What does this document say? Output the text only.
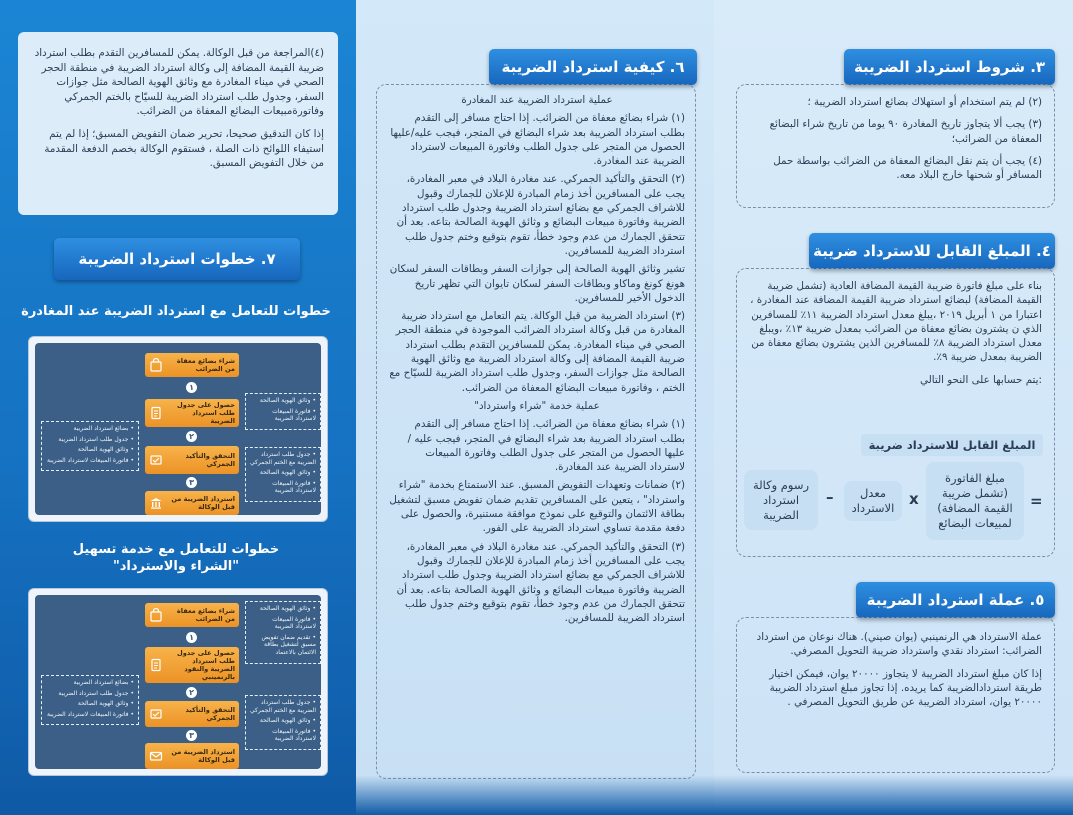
(٤)المراجعة من قبل الوكالة. يمكن للمسافرين التقدم بطلب استرداد ضريبة القيمة المضافة إلى وكالة استرداد الضريبة في منطقة الحجر الصحي في ميناء المغادرة مع وثائق الهوية الصالحة مثل جوازات السفر، وجدول طلب استرداد الضريبة للسيّاح بالختم الجمركي وفاتورةمبيعات البضائع المعفاة من الضرائب.

إذا كان التدقيق صحيحا، تحرير ضمان التفويض المسبق؛ إذا لم يتم استيفاء اللوائح ذات الصلة ، فستقوم الوكالة بخصم الدفعة المقدمة من خلال التفويض المسبق.

٧. خطوات استرداد الضريبة
خطوات للتعامل مع استرداد الضريبة عند المغادرة
شراء بضائع معفاة من الضرائب
١
حصول على جدول طلب استرداد الضريبة
٢
التحقق والتأكيد الجمركي
٣
استرداد الضريبة من قبل الوكالة
• وثائق الهوية الصالحة
• فاتورة المبيعات لاسترداد الضريبة
• بضائع استرداد الضريبة
• جدول طلب استرداد الضريبة
• وثائق الهوية الصالحة
• فاتورة المبيعات لاسترداد الضريبة
• جدول طلب استرداد الضريبة مع الختم الجمركي
• وثائق الهوية الصالحة
• فاتورة المبيعات لاسترداد الضريبة
خطوات للتعامل مع خدمة تسهيل
"الشراء والاسترداد"
شراء بضائع معفاة من الضرائب
١
حصول على جدول طلب استرداد الضريبة والنقود بالرنمينبي
٢
التحقق والتأكيد الجمركي
٣
استرداد الضريبة من قبل الوكالة
• وثائق الهوية الصالحة
• فاتورة المبيعات لاسترداد الضريبة
• تقديم ضمان تفويض مسبق لتشغيل بطاقة الائتمان بالاعتماد
• بضائع استرداد الضريبة
• جدول طلب استرداد الضريبة
• وثائق الهوية الصالحة
• فاتورة المبيعات لاسترداد الضريبة
• جدول طلب استرداد الضريبة مع الختم الجمركي
• وثائق الهوية الصالحة
• فاتورة المبيعات لاسترداد الضريبة
٦. كيفية استرداد الضريبة

عملية استرداد الضريبة عند المغادرة

(١) شراء بضائع معفاة من الضرائب. إذا احتاج مسافر إلى التقدم بطلب استرداد الضريبة بعد شراء البضائع في المتجر، فيجب عليه/عليها الحصول من المتجر على جدول الطلب وفاتورة المبيعات لاسترداد الضريبة عند المغادرة.

(٢) التحقق والتأكيد الجمركي. عند مغادرة البلاد في معبر المغادرة، يجب على المسافرين أخذ زمام المبادرة للإعلان للجمارك وقبول للاشراف الجمركي مع بضائع استرداد الضريبة وجدول طلب استرداد الضريبة وفاتورة مبيعات البضائع و وثائق الهوية الصالحة بتاعه. بعد أن تتحقق الجمارك من عدم وجود خطأ، تقوم بتوقيع وختم جدول طلب استرداد الضريبة للمسافرين.

تشير وثائق الهوية الصالحة إلى جوازات السفر وبطاقات السفر لسكان هونغ كونغ وماكاو وبطاقات السفر لسكان تايوان التي تظهر تاريخ الدخول الأخير للمسافرين.

(٣) استرداد الضريبة من قبل الوكالة. يتم التعامل مع استرداد ضريبة المغادرة من قبل وكالة استرداد الضرائب الموجودة في منطقة الحجر الصحي في ميناء المغادرة. يمكن للمسافرين التقدم بطلب استرداد ضريبة القيمة المضافة إلى وكالة استرداد الضريبة مع وثائق الهوية الصالحة مثل جوازات السفر، وجدول طلب استرداد الضريبة للسيّاح مع الختم ، وفاتورة مبيعات البضائع المعفاة من الضرائب.

عملية خدمة "شراء واسترداد"

(١) شراء بضائع معفاة من الضرائب. إذا احتاج مسافر إلى التقدم بطلب استرداد الضريبة بعد شراء البضائع في المتجر، فيجب عليه / عليها الحصول من المتجر على جدول الطلب وفاتورة المبيعات لاسترداد الضريبة عند المغادرة.

(٢) ضمانات وتعهدات التفويض المسبق. عند الاستمتاع بخدمة "شراء واسترداد" ، يتعين على المسافرين تقديم ضمان تفويض مسبق لتشغيل بطاقة الائتمان والتوقيع على نموذج موافقة مستنيرة، والحصول على دفعة مقدمة تساوي استرداد الضريبة على الفور.

(٣) التحقق والتأكيد الجمركي. عند مغادرة البلاد في معبر المغادرة، يجب على المسافرين أخذ زمام المبادرة للإعلان للجمارك وقبول للاشراف الجمركي مع بضائع استرداد الضريبة وجدول طلب استرداد الضريبة وفاتورة مبيعات البضائع و وثائق الهوية الصالحة بتاعه. بعد أن تتحقق الجمارك من عدم وجود خطأ، تقوم بتوقيع وختم جدول طلب استرداد الضريبة للمسافرين.

٣. شروط استرداد الضريبة

(٢) لم يتم استخدام أو استهلاك بضائع استرداد الضريبة ؛

(٣) يجب ألا يتجاوز تاريخ المغادرة ٩٠ يوما من تاريخ شراء البضائع المعفاة من الضرائب؛

(٤) يجب أن يتم نقل البضائع المعفاة من الضرائب بواسطة حمل المسافر أو شحنها خارج البلاد معه.

٤. المبلغ القابل للاسترداد ضريبة

بناء على مبلغ فاتورة ضريبة القيمة المضافة العادية (تشمل ضريبة القيمة المضافة) لبضائع استرداد ضريبة القيمة المضافة عند المغادرة ، اعتبارا من ١ أبريل ٢٠١٩ ،يبلغ معدل استرداد الضريبة ١١٪ للمسافرين الذي ن يشترون بضائع معفاة من الضرائب بمعدل ضريبة ١٣٪ ،ويبلغ معدل استرداد الضريبة ٨٪ للمسافرين الذين يشترون بضائع معفاة من الضريبة بمعدل ضريبة ٩٪.

:يتم حسابها على النحو التالي

المبلغ القابل للاسترداد ضريبة
=
مبلغ الفاتورة (تشمل ضريبة القيمة المضافة) لمبيعات البضائع
x
معدل الاسترداد
–
رسوم وكالة استرداد الضريبة
٥. عملة استرداد الضريبة

عملة الاسترداد هي الرنمينبي (يوان صيني). هناك نوعان من استرداد الضرائب: استرداد نقدي واسترداد ضريبة التحويل المصرفي.

إذا كان مبلغ استرداد الضريبة لا يتجاوز ٢٠٠٠٠ يوان، فيمكن اختيار طريقة استردادالضريبة كما يريده. إذا تجاوز مبلغ استرداد الضريبة ٢٠٠٠٠ يوان، استرداد الضريبة عن طريق التحويل المصرفي .
